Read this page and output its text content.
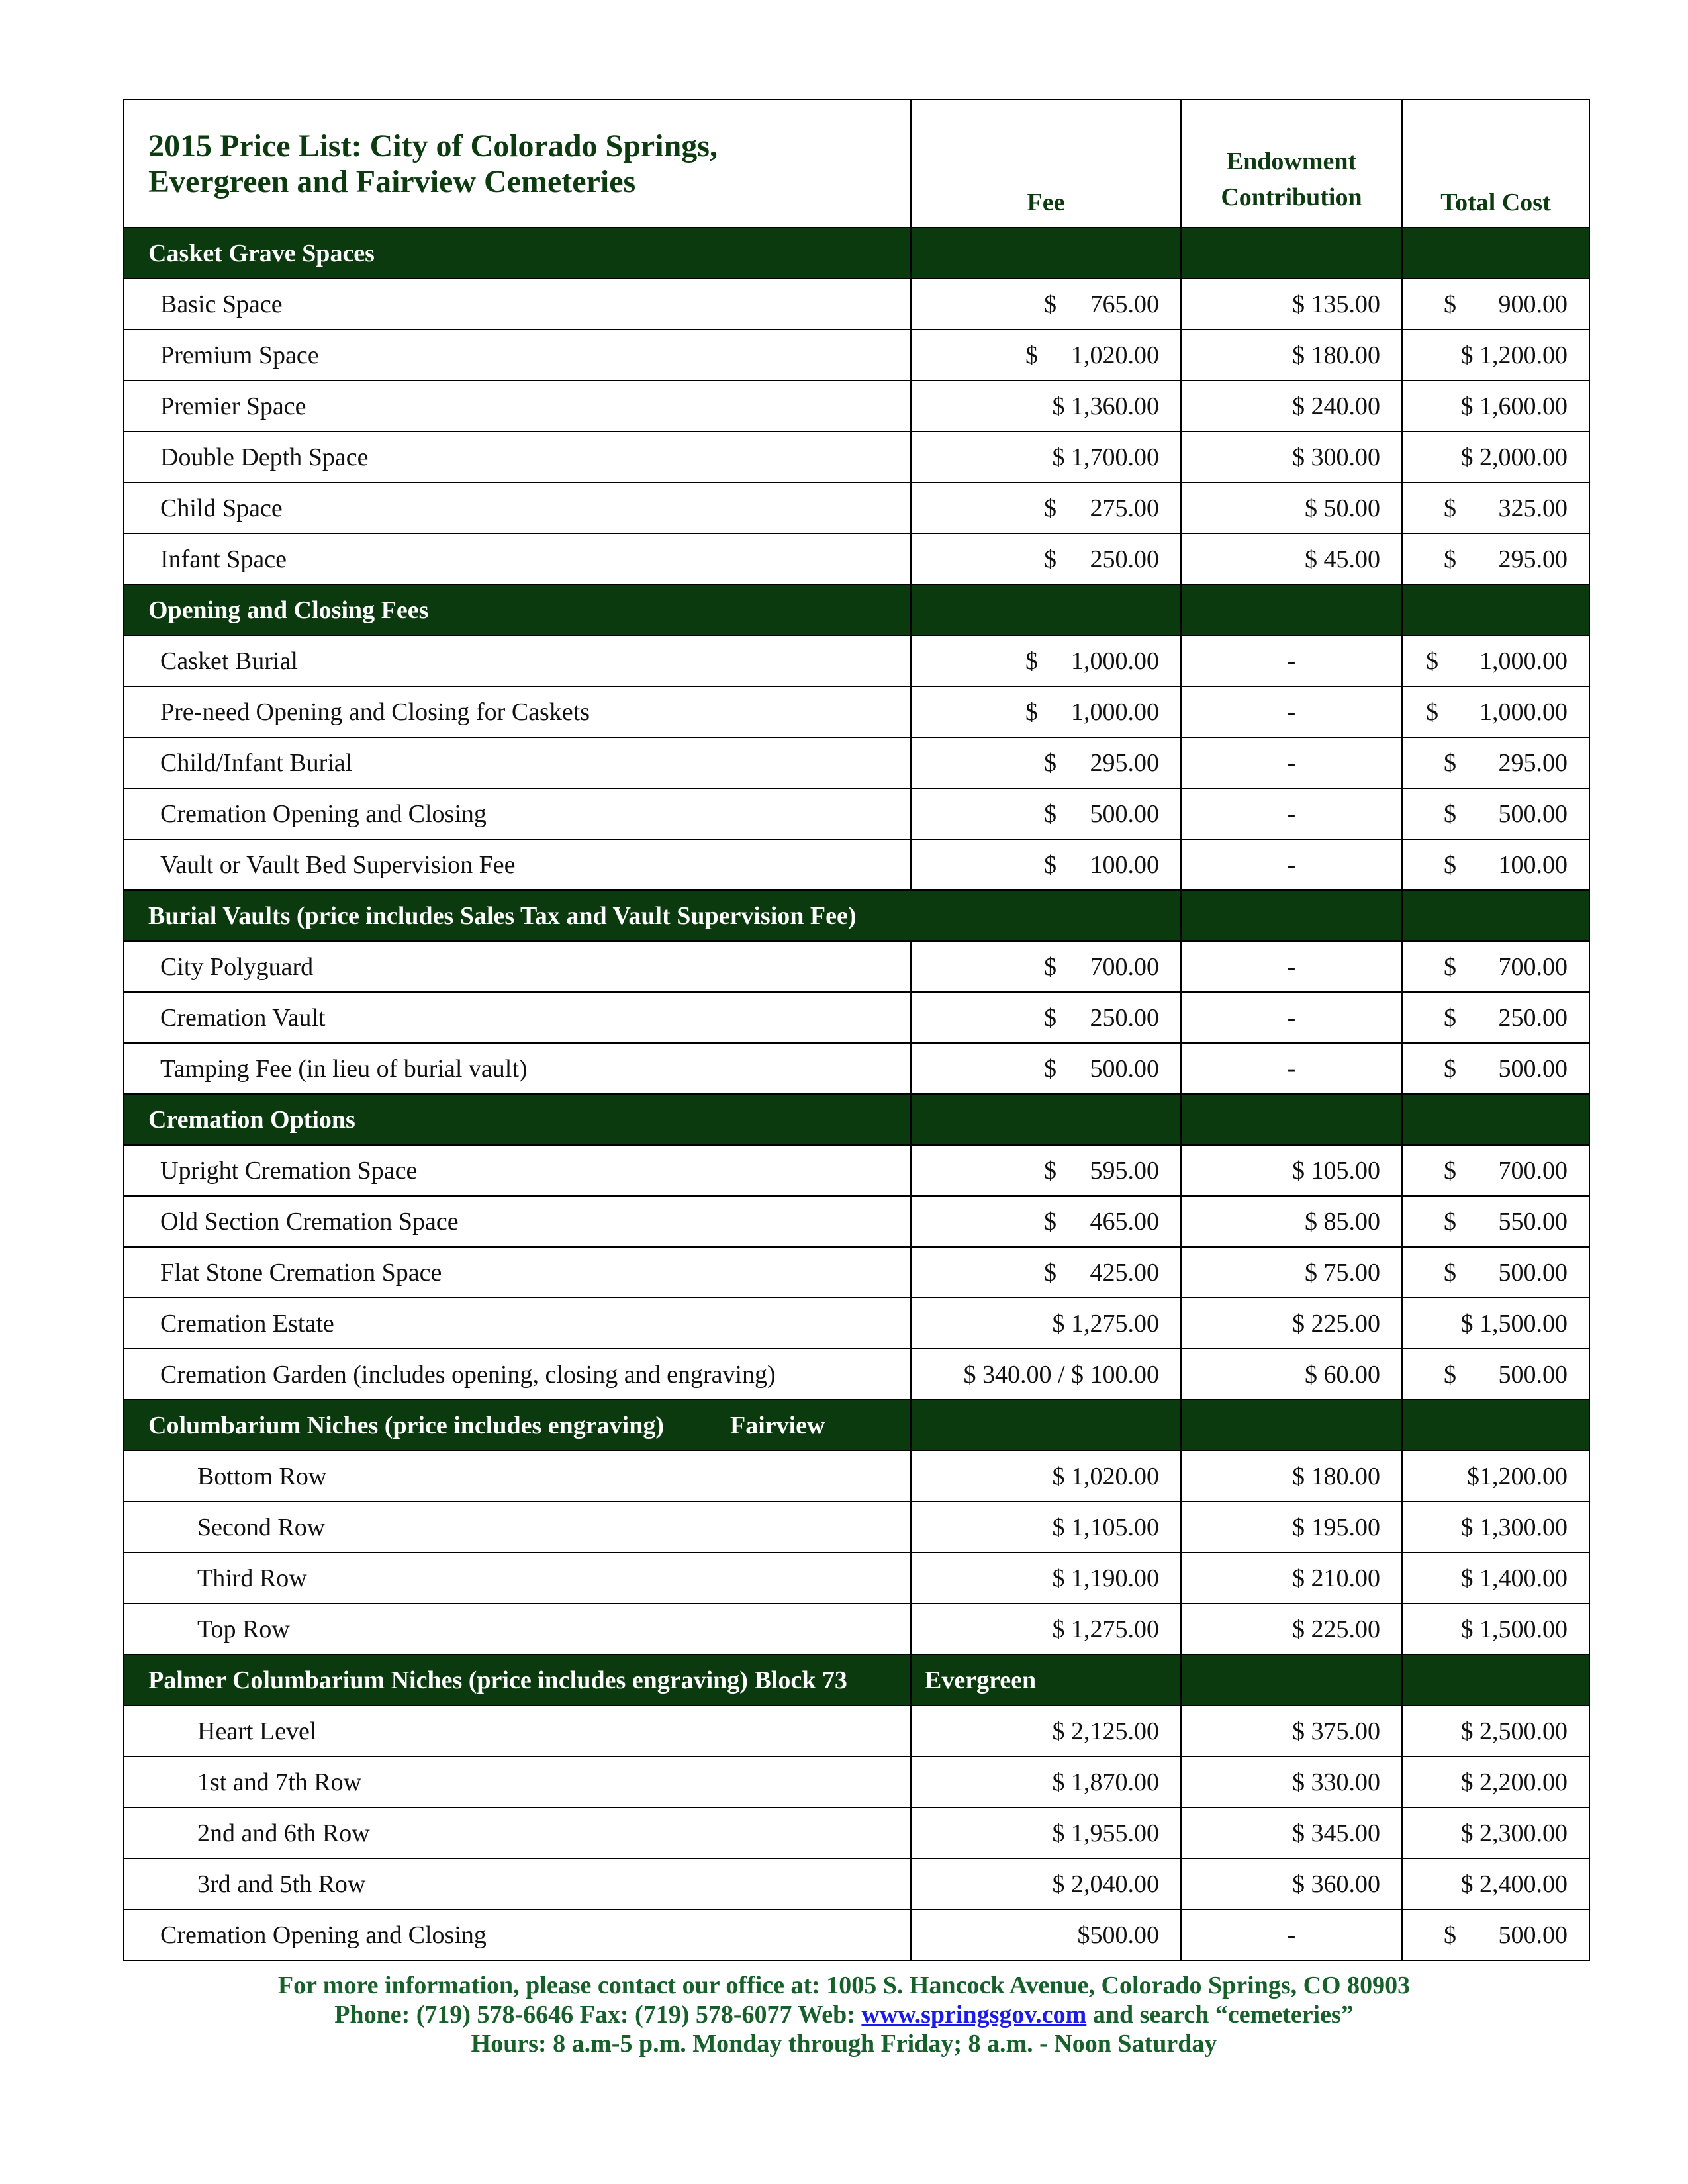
2015 Price List: City of Colorado Springs,
Evergreen and Fairview Cemeteries	Fee	Endowment
Contribution	Total Cost
Casket Grave Spaces			
Basic Space	$ 765.00	$ 135.00	$ 900.00
Premium Space	$ 1,020.00	$ 180.00	$ 1,200.00
Premier Space	$ 1,360.00	$ 240.00	$ 1,600.00
Double Depth Space	$ 1,700.00	$ 300.00	$ 2,000.00
Child Space	$ 275.00	$ 50.00	$ 325.00
Infant Space	$ 250.00	$ 45.00	$ 295.00
Opening and Closing Fees			
Casket Burial	$ 1,000.00	-	$ 1,000.00
Pre-need Opening and Closing for Caskets	$ 1,000.00	-	$ 1,000.00
Child/Infant Burial	$ 295.00	-	$ 295.00
Cremation Opening and Closing	$ 500.00	-	$ 500.00
Vault or Vault Bed Supervision Fee	$ 100.00	-	$ 100.00
Burial Vaults (price includes Sales Tax and Vault Supervision Fee)			
City Polyguard	$ 700.00	-	$ 700.00
Cremation Vault	$ 250.00	-	$ 250.00
Tamping Fee (in lieu of burial vault)	$ 500.00	-	$ 500.00
Cremation Options			
Upright Cremation Space	$ 595.00	$ 105.00	$ 700.00
Old Section Cremation Space	$ 465.00	$ 85.00	$ 550.00
Flat Stone Cremation Space	$ 425.00	$ 75.00	$ 500.00
Cremation Estate	$ 1,275.00	$ 225.00	$ 1,500.00
Cremation Garden (includes opening, closing and engraving)	$ 340.00 / $ 100.00	$ 60.00	$ 500.00
Columbarium Niches (price includes engraving) Fairview			
Bottom Row	$ 1,020.00	$ 180.00	$1,200.00
Second Row	$ 1,105.00	$ 195.00	$ 1,300.00
Third Row	$ 1,190.00	$ 210.00	$ 1,400.00
Top Row	$ 1,275.00	$ 225.00	$ 1,500.00
Palmer Columbarium Niches (price includes engraving) Block 73	Evergreen		
Heart Level	$ 2,125.00	$ 375.00	$ 2,500.00
1st and 7th Row	$ 1,870.00	$ 330.00	$ 2,200.00
2nd and 6th Row	$ 1,955.00	$ 345.00	$ 2,300.00
3rd and 5th Row	$ 2,040.00	$ 360.00	$ 2,400.00
Cremation Opening and Closing	$500.00	-	$ 500.00
For more information, please contact our office at: 1005 S. Hancock Avenue, Colorado Springs, CO 80903
Phone: (719) 578-6646 Fax: (719) 578-6077 Web: www.springsgov.com and search “cemeteries”
Hours: 8 a.m-5 p.m. Monday through Friday; 8 a.m. - Noon Saturday
